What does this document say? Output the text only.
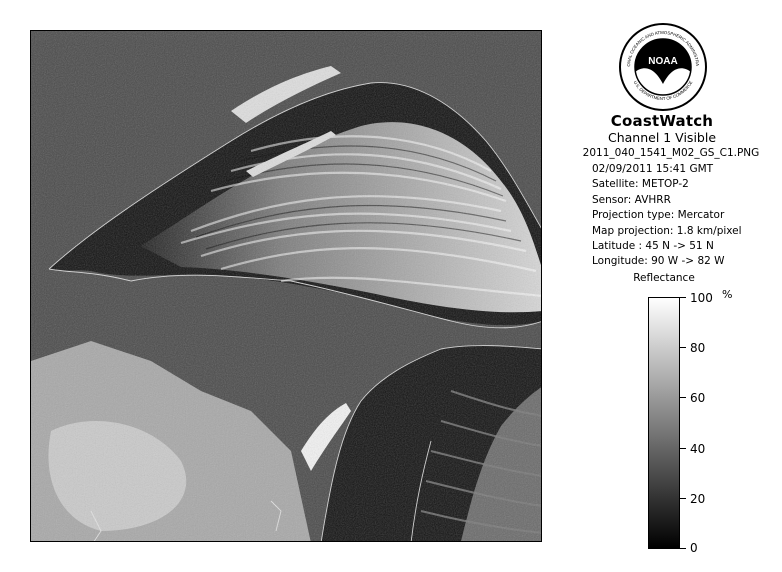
NOAA
ONAL OCEANIC AND ATMOSPHERIC ADMINISTRA
U.S. DEPARTMENT OF COMMERCE
CoastWatch
Channel 1 Visible
2011_040_1541_M02_GS_C1.PNG
02/09/2011 15:41 GMT
Satellite: METOP-2
Sensor: AVHRR
Projection type: Mercator
Map projection: 1.8 km/pixel
Latitude : 45 N -> 51 N
Longitude: 90 W -> 82 W
Reflectance
%
100
80
60
40
20
0
